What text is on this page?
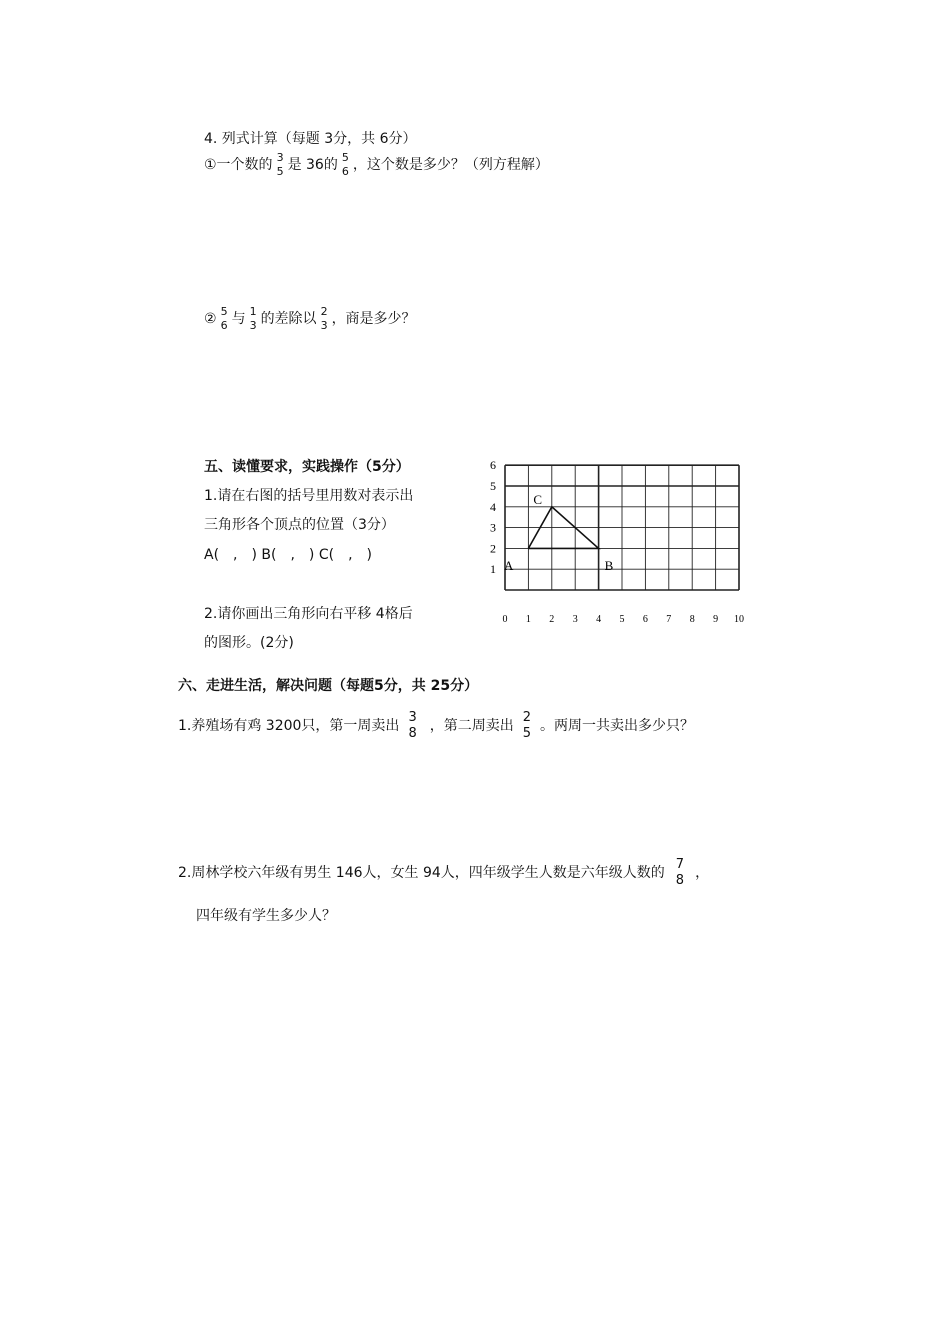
4. 列式计算（每题 3分，共 6分）
①一个数的 3
5 是 36的 5
6 ，这个数是多少？（列方程解）
② 5
6 与 1
3 的差除以 2
3 ，商是多少？
五、读懂要求，实践操作（5分）
1.请在右图的括号里用数对表示出
三角形各个顶点的位置（3分）
A(　,　) B(　,　) C(　,　)
2.请你画出三角形向右平移 4格后
的图形。(2分)
0 1 2 3 4 5 6 7 8 9 10
1
2
3
4
5
6
A	B
C
六、走进生活，解决问题（每题5分，共 25分）
1.养殖场有鸡 3200只，第一周卖出 3
8 ，第二周卖出 2
5 。两周一共卖出多少只？
2.周林学校六年级有男生 146人，女生 94人，四年级学生人数是六年级人数的 7
8 ，
四年级有学生多少人？
